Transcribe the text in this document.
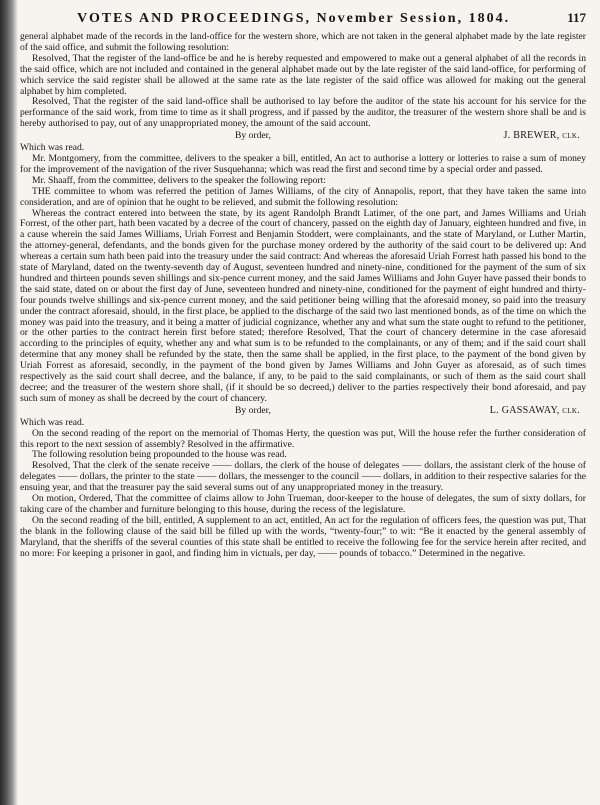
VOTES AND PROCEEDINGS, November Session, 1804.	117

general alphabet made of the records in the land-office for the western shore, which are not taken in the general alphabet made by the late register of the said office, and submit the following resolution:

Resolved, That the register of the land-office be and he is hereby requested and empowered to make out a general alphabet of all the records in the said office, which are not included and contained in the general alphabet made out by the late register of the said land-office, for performing of which service the said register shall be allowed at the same rate as the late register of the said office was allowed for making out the general alphabet by him completed.

Resolved, That the register of the said land-office shall be authorised to lay before the auditor of the state his account for his service for the performance of the said work, from time to time as it shall progress, and if passed by the auditor, the treasurer of the western shore shall be and is hereby authorised to pay, out of any unappropriated money, the amount of the said account.

By order,	J. BREWER, clk.

Which was read.

Mr. Montgomery, from the committee, delivers to the speaker a bill, entitled, An act to authorise a lottery or lotteries to raise a sum of money for the improvement of the navigation of the river Susquehanna; which was read the first and second time by a special order and passed.

Mr. Shaaff, from the committee, delivers to the speaker the following report:

THE committee to whom was referred the petition of James Williams, of the city of Annapolis, report, that they have taken the same into consideration, and are of opinion that he ought to be relieved, and submit the following resolution:

Whereas the contract entered into between the state, by its agent Randolph Brandt Latimer, of the one part, and James Williams and Uriah Forrest, of the other part, hath been vacated by a decree of the court of chancery, passed on the eighth day of January, eighteen hundred and five, in a cause wherein the said James Williams, Uriah Forrest and Benjamin Stoddert, were complainants, and the state of Maryland, or Luther Martin, the attorney-general, defendants, and the bonds given for the purchase money ordered by the authority of the said court to be delivered up: And whereas a certain sum hath been paid into the treasury under the said contract: And whereas the aforesaid Uriah Forrest hath passed his bond to the state of Maryland, dated on the twenty-seventh day of August, seventeen hundred and ninety-nine, conditioned for the payment of the sum of six hundred and thirteen pounds seven shillings and six-pence current money, and the said James Williams and John Guyer have passed their bonds to the said state, dated on or about the first day of June, seventeen hundred and ninety-nine, conditioned for the payment of eight hundred and thirty-four pounds twelve shillings and six-pence current money, and the said petitioner being willing that the aforesaid money, so paid into the treasury under the contract aforesaid, should, in the first place, be applied to the discharge of the said two last mentioned bonds, as of the time on which the money was paid into the treasury, and it being a matter of judicial cognizance, whether any and what sum the state ought to refund to the petitioner, or the other parties to the contract herein first before stated; therefore Resolved, That the court of chancery determine in the case aforesaid according to the principles of equity, whether any and what sum is to be refunded to the complainants, or any of them; and if the said court shall determine that any money shall be refunded by the state, then the same shall be applied, in the first place, to the payment of the bond given by Uriah Forrest as aforesaid, secondly, in the payment of the bond given by James Williams and John Guyer as aforesaid, as of such times respectively as the said court shall decree, and the balance, if any, to be paid to the said complainants, or such of them as the said court shall decree; and the treasurer of the western shore shall, (if it should be so decreed,) deliver to the parties respectively their bond aforesaid, and pay such sum of money as shall be decreed by the court of chancery.

By order,	L. GASSAWAY, clk.

Which was read.

On the second reading of the report on the memorial of Thomas Herty, the question was put, Will the house refer the further consideration of this report to the next session of assembly? Resolved in the affirmative.

The following resolution being propounded to the house was read.

Resolved, That the clerk of the senate receive —— dollars, the clerk of the house of delegates —— dollars, the assistant clerk of the house of delegates —— dollars, the printer to the state —— dollars, the messenger to the council —— dollars, in addition to their respective salaries for the ensuing year, and that the treasurer pay the said several sums out of any unappropriated money in the treasury.

On motion, Ordered, That the committee of claims allow to John Trueman, door-keeper to the house of delegates, the sum of sixty dollars, for taking care of the chamber and furniture belonging to this house, during the recess of the legislature.

On the second reading of the bill, entitled, A supplement to an act, entitled, An act for the regulation of officers fees, the question was put, That the blank in the following clause of the said bill be filled up with the words, “twenty-four;” to wit: “Be it enacted by the general assembly of Maryland, that the sheriffs of the several counties of this state shall be entitled to receive the following fee for the service herein after recited, and no more: For keeping a prisoner in gaol, and finding him in victuals, per day, —— pounds of tobacco.” Determined in the negative.
